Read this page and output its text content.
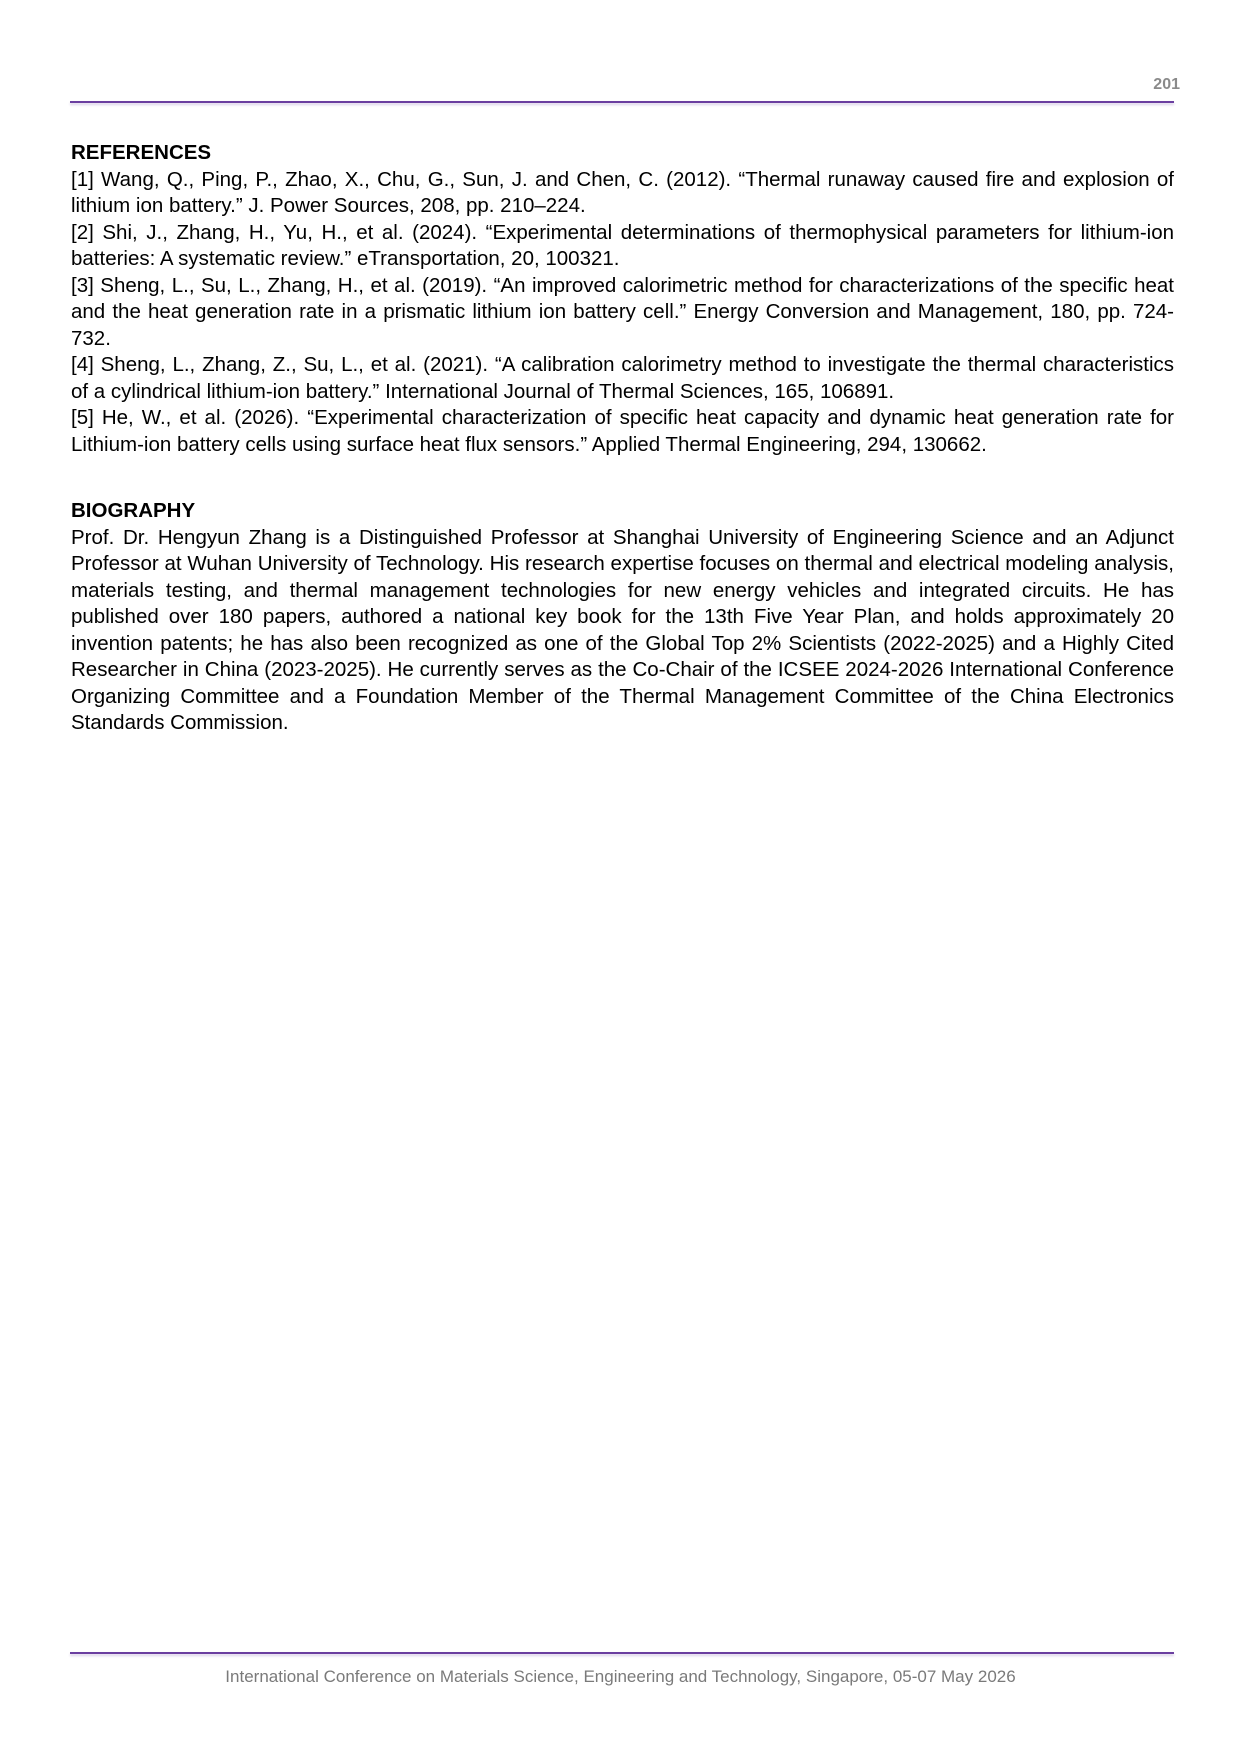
201
REFERENCES

[1] Wang, Q., Ping, P., Zhao, X., Chu, G., Sun, J. and Chen, C. (2012). “Thermal runaway caused fire and explosion of lithium ion battery.” J. Power Sources, 208, pp. 210–224.

[2] Shi, J., Zhang, H., Yu, H., et al. (2024). “Experimental determinations of thermophysical parameters for lithium-ion batteries: A systematic review.” eTransportation, 20, 100321.

[3] Sheng, L., Su, L., Zhang, H., et al. (2019). “An improved calorimetric method for characterizations of the specific heat and the heat generation rate in a prismatic lithium ion battery cell.” Energy Conversion and Management, 180, pp. 724-732.

[4] Sheng, L., Zhang, Z., Su, L., et al. (2021). “A calibration calorimetry method to investigate the thermal characteristics of a cylindrical lithium-ion battery.” International Journal of Thermal Sciences, 165, 106891.

[5] He, W., et al. (2026). “Experimental characterization of specific heat capacity and dynamic heat generation rate for Lithium-ion battery cells using surface heat flux sensors.” Applied Thermal Engineering, 294, 130662.

BIOGRAPHY

Prof. Dr. Hengyun Zhang is a Distinguished Professor at Shanghai University of Engineering Science and an Adjunct Professor at Wuhan University of Technology. His research expertise focuses on thermal and electrical modeling analysis, materials testing, and thermal management technologies for new energy vehicles and integrated circuits. He has published over 180 papers, authored a national key book for the 13th Five Year Plan, and holds approximately 20 invention patents; he has also been recognized as one of the Global Top 2% Scientists (2022-2025) and a Highly Cited Researcher in China (2023-2025). He currently serves as the Co-Chair of the ICSEE 2024-2026 International Conference Organizing Committee and a Foundation Member of the Thermal Management Committee of the China Electronics Standards Commission.

International Conference on Materials Science, Engineering and Technology, Singapore, 05-07 May 2026
